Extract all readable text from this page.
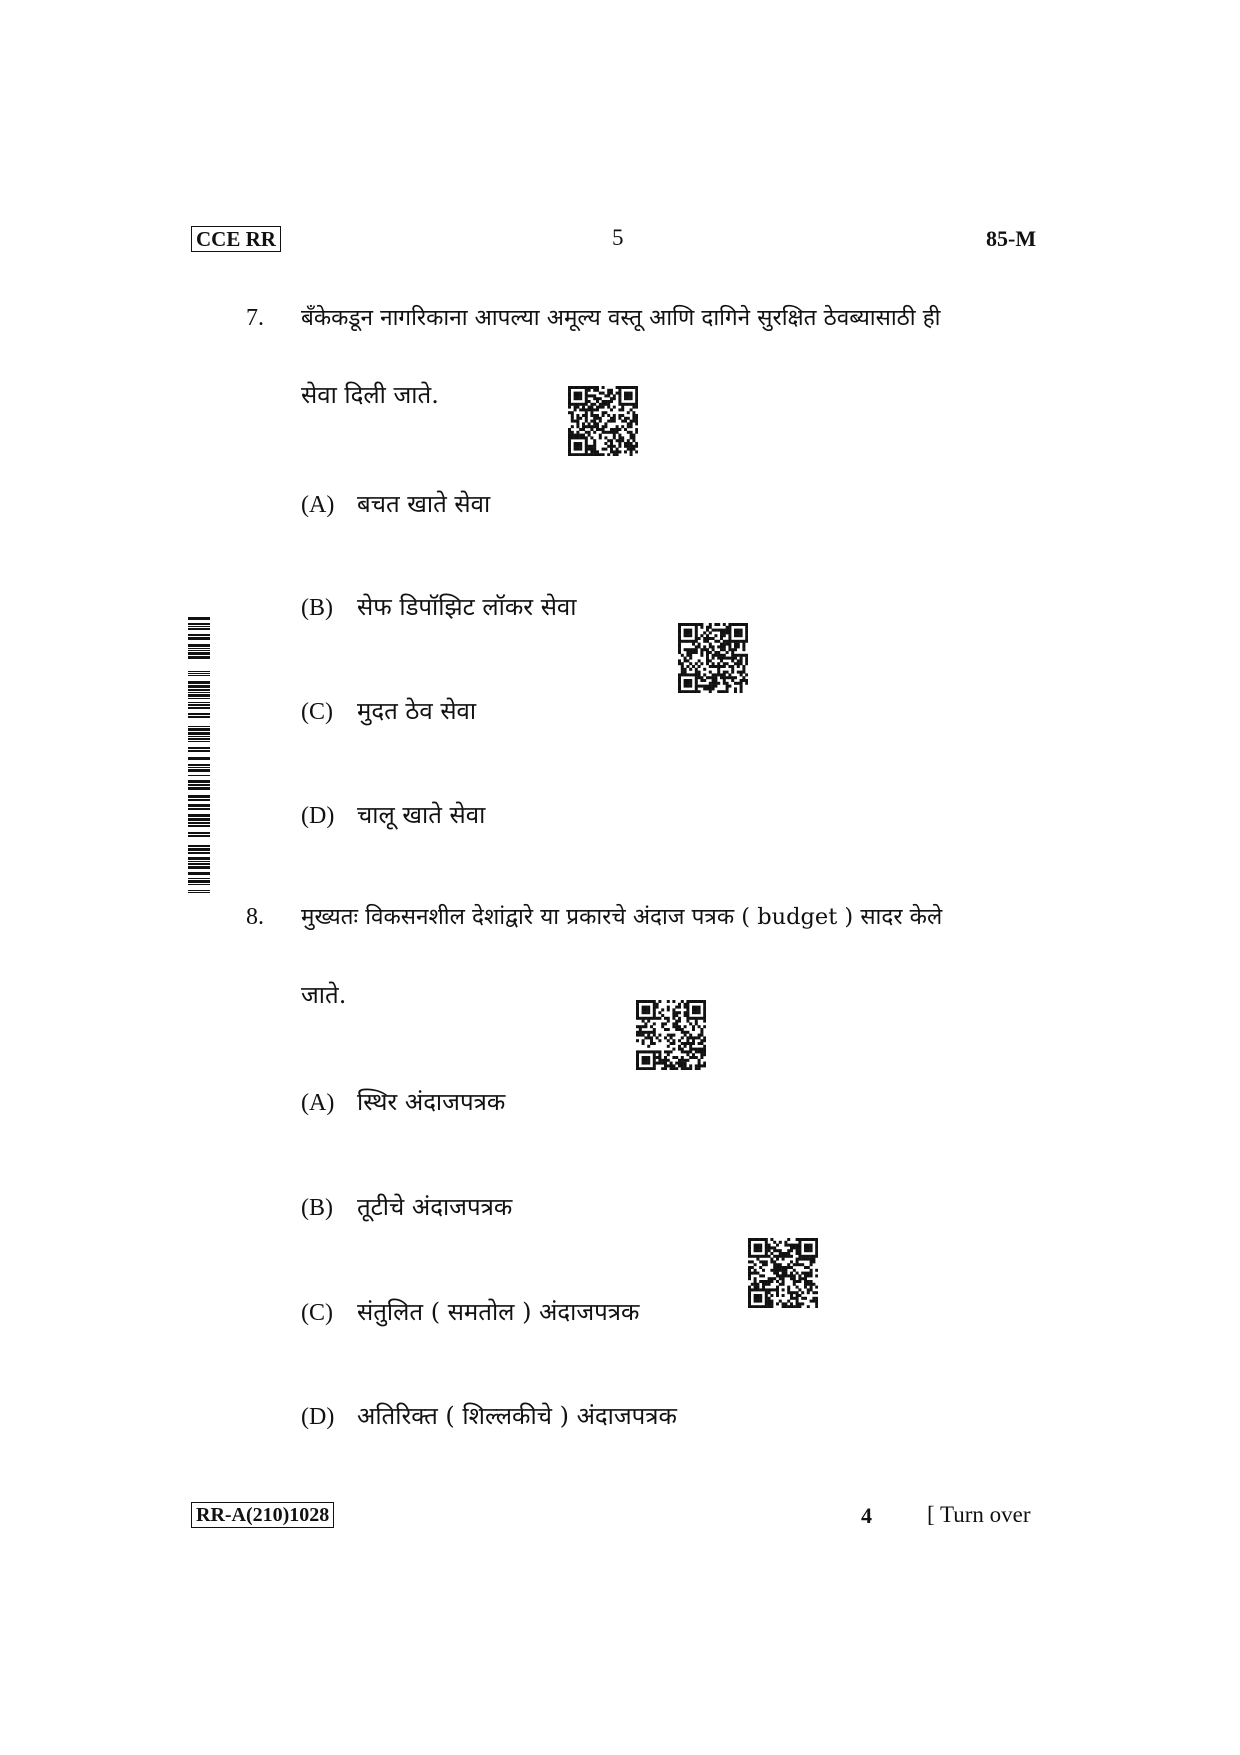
CCE RR	5	85-M
7. बँकेकडून नागरिकाना आपल्या अमूल्य वस्तू आणि दागिने सुरक्षित ठेवब्यासाठी ही
सेवा दिली जाते.
(A) बचत खाते सेवा
(B) सेफ डिपॉझिट लॉकर सेवा
(C) मुदत ठेव सेवा
(D) चालू खाते सेवा
8. मुख्यतः विकसनशील देशांद्वारे या प्रकारचे अंदाज पत्रक ( budget ) सादर केले
जाते.
(A) स्थिर अंदाजपत्रक
(B) तूटीचे अंदाजपत्रक
(C) संतुलित ( समतोल ) अंदाजपत्रक
(D) अतिरिक्त ( शिल्लकीचे ) अंदाजपत्रक
RR-A(210)1028	4 [ Turn over
